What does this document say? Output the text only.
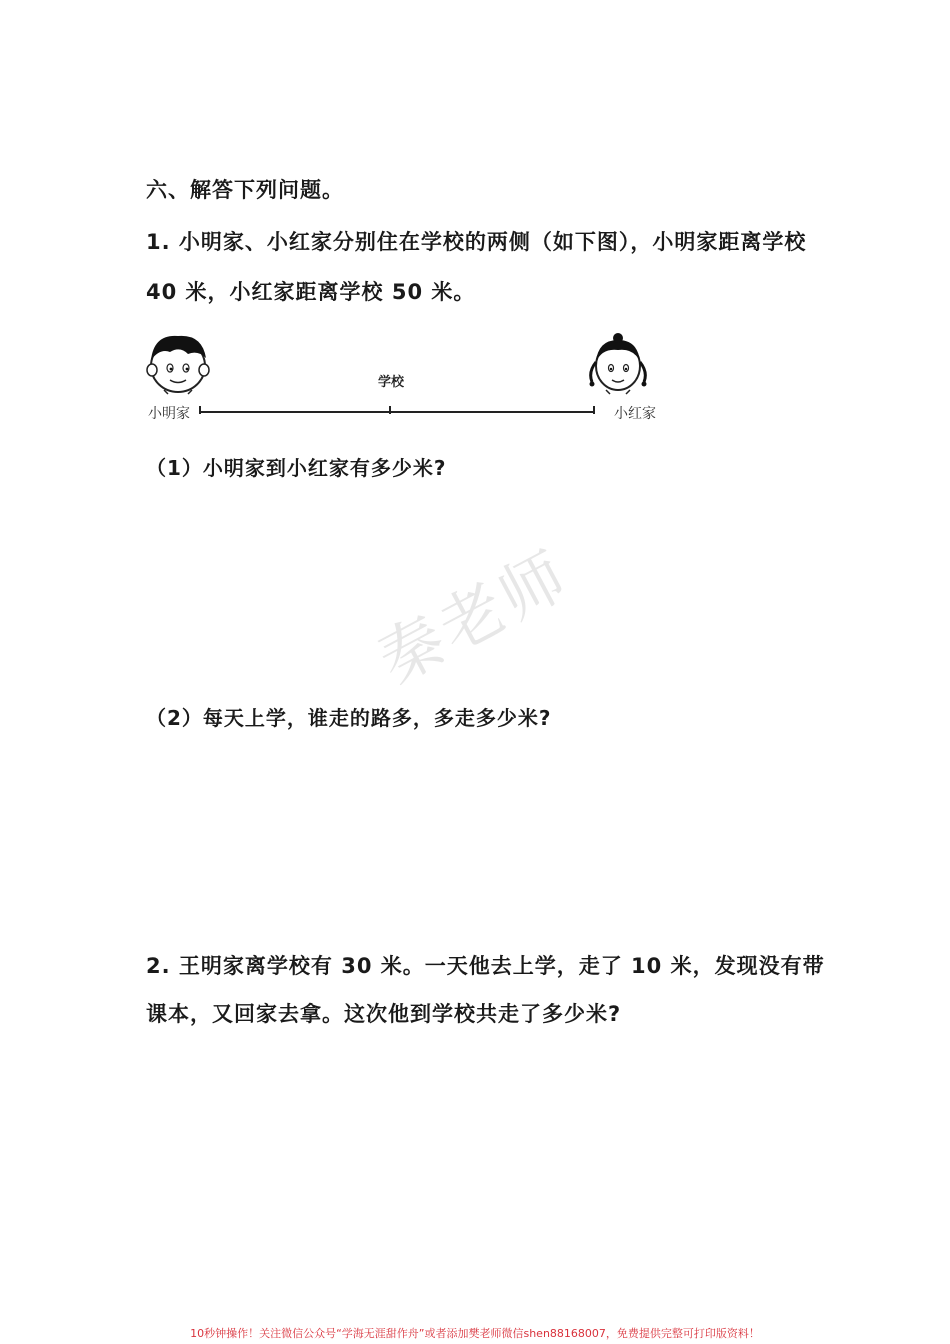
秦老师
六、解答下列问题。
1. 小明家、小红家分别住在学校的两侧（如下图），小明家距离学校
40 米，小红家距离学校 50 米。
小明家
学校
小红家
（1）小明家到小红家有多少米?
（2）每天上学，谁走的路多，多走多少米?
2. 王明家离学校有 30 米。一天他去上学，走了 10 米，发现没有带
课本，又回家去拿。这次他到学校共走了多少米?
10秒钟操作！关注微信公众号“学海无涯甜作舟”或者添加樊老师微信shen88168007，免费提供完整可打印版资料！
